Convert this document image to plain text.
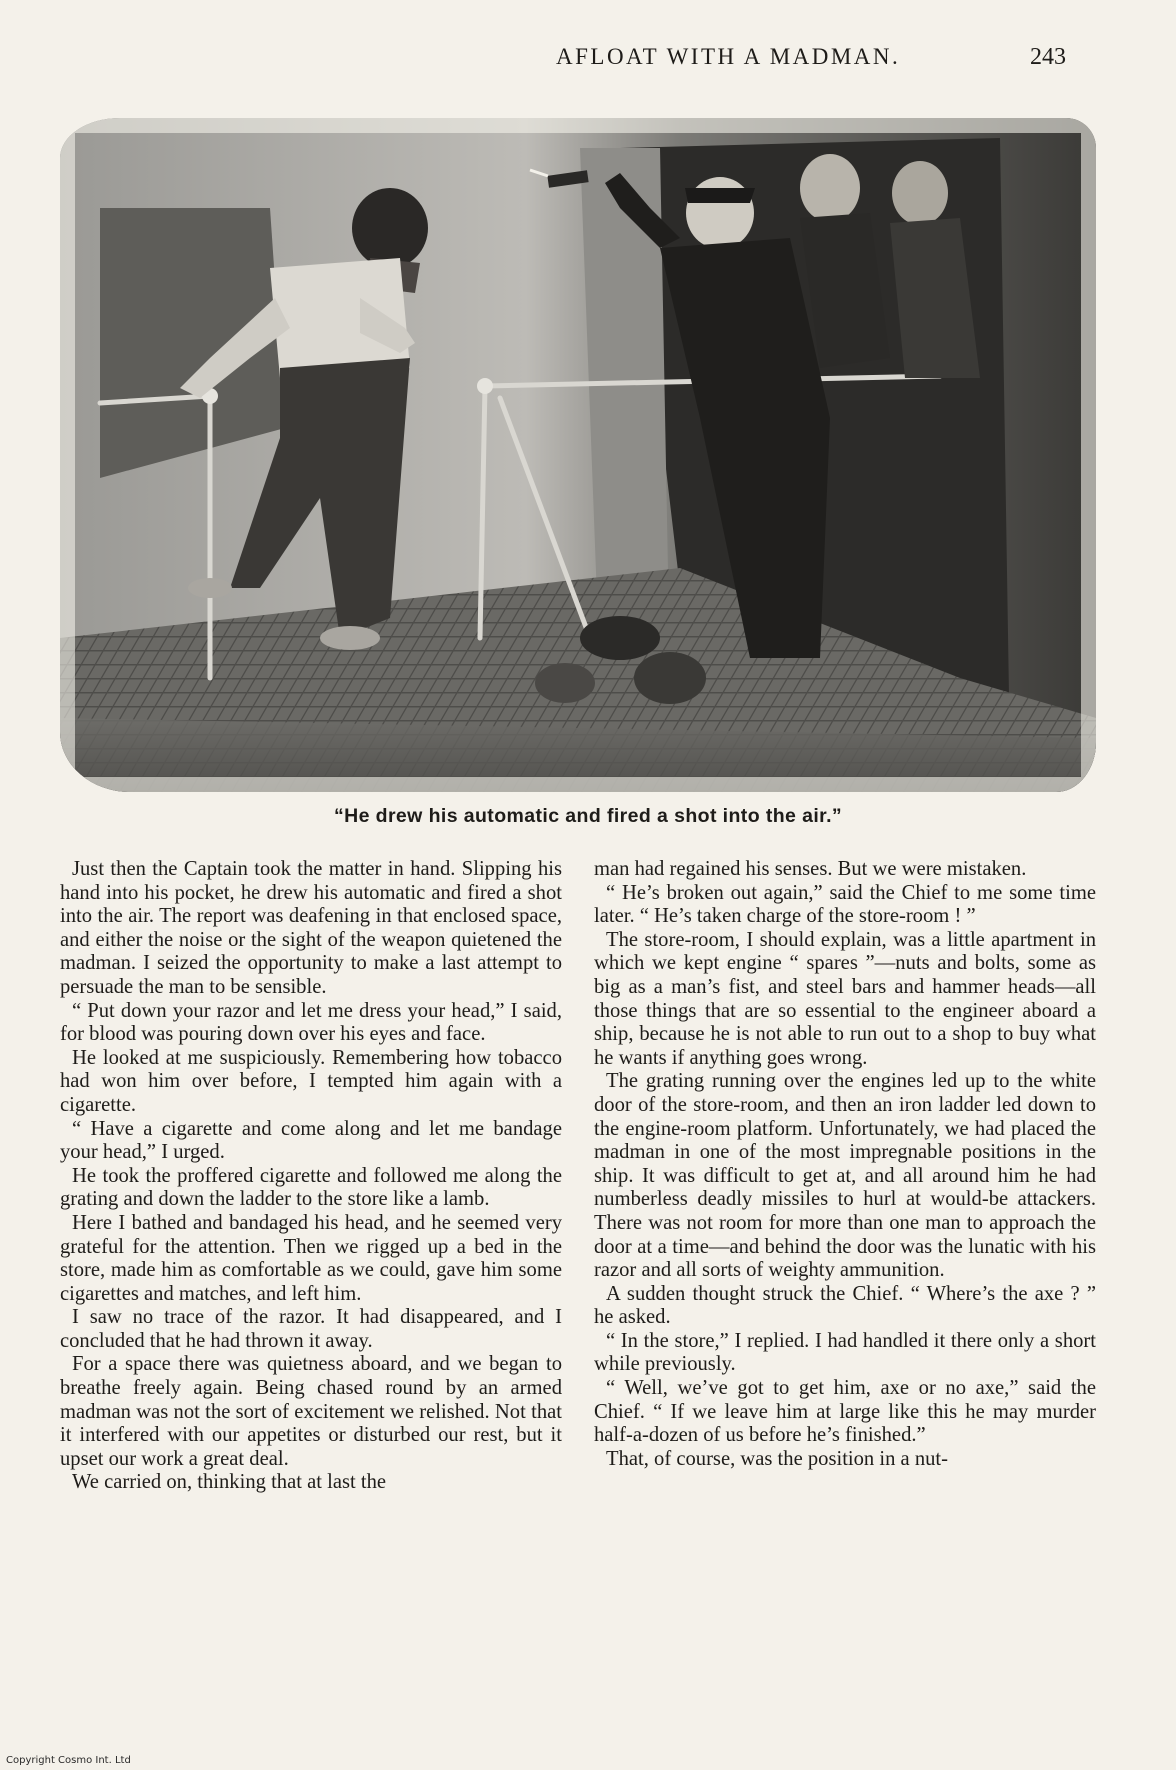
AFLOAT WITH A MADMAN.	243
“He drew his automatic and fired a shot into the air.”

Just then the Captain took the matter in hand. Slipping his hand into his pocket, he drew his automatic and fired a shot into the air. The report was deafening in that enclosed space, and either the noise or the sight of the weapon quietened the madman. I seized the opportunity to make a last attempt to persuade the man to be sensible.

“ Put down your razor and let me dress your head,” I said, for blood was pouring down over his eyes and face.

He looked at me suspiciously. Remembering how tobacco had won him over before, I tempted him again with a cigarette.

“ Have a cigarette and come along and let me bandage your head,” I urged.

He took the proffered cigarette and followed me along the grating and down the ladder to the store like a lamb.

Here I bathed and bandaged his head, and he seemed very grateful for the attention. Then we rigged up a bed in the store, made him as comfortable as we could, gave him some cigarettes and matches, and left him.

I saw no trace of the razor. It had disappeared, and I concluded that he had thrown it away.

For a space there was quietness aboard, and we began to breathe freely again. Being chased round by an armed madman was not the sort of excitement we relished. Not that it interfered with our appetites or disturbed our rest, but it upset our work a great deal.

We carried on, thinking that at last the

man had regained his senses. But we were mistaken.

“ He’s broken out again,” said the Chief to me some time later. “ He’s taken charge of the store-room ! ”

The store-room, I should explain, was a little apartment in which we kept engine “ spares ”—nuts and bolts, some as big as a man’s fist, and steel bars and hammer heads—all those things that are so essential to the engineer aboard a ship, because he is not able to run out to a shop to buy what he wants if anything goes wrong.

The grating running over the engines led up to the white door of the store-room, and then an iron ladder led down to the engine-room platform. Unfortunately, we had placed the madman in one of the most impregnable positions in the ship. It was difficult to get at, and all around him he had numberless deadly missiles to hurl at would-be attackers. There was not room for more than one man to approach the door at a time—and behind the door was the lunatic with his razor and all sorts of weighty ammunition.

A sudden thought struck the Chief. “ Where’s the axe ? ” he asked.

“ In the store,” I replied. I had handled it there only a short while previously.

“ Well, we’ve got to get him, axe or no axe,” said the Chief. “ If we leave him at large like this he may murder half-a-dozen of us before he’s finished.”

That, of course, was the position in a nut-

Copyright Cosmo Int. Ltd
